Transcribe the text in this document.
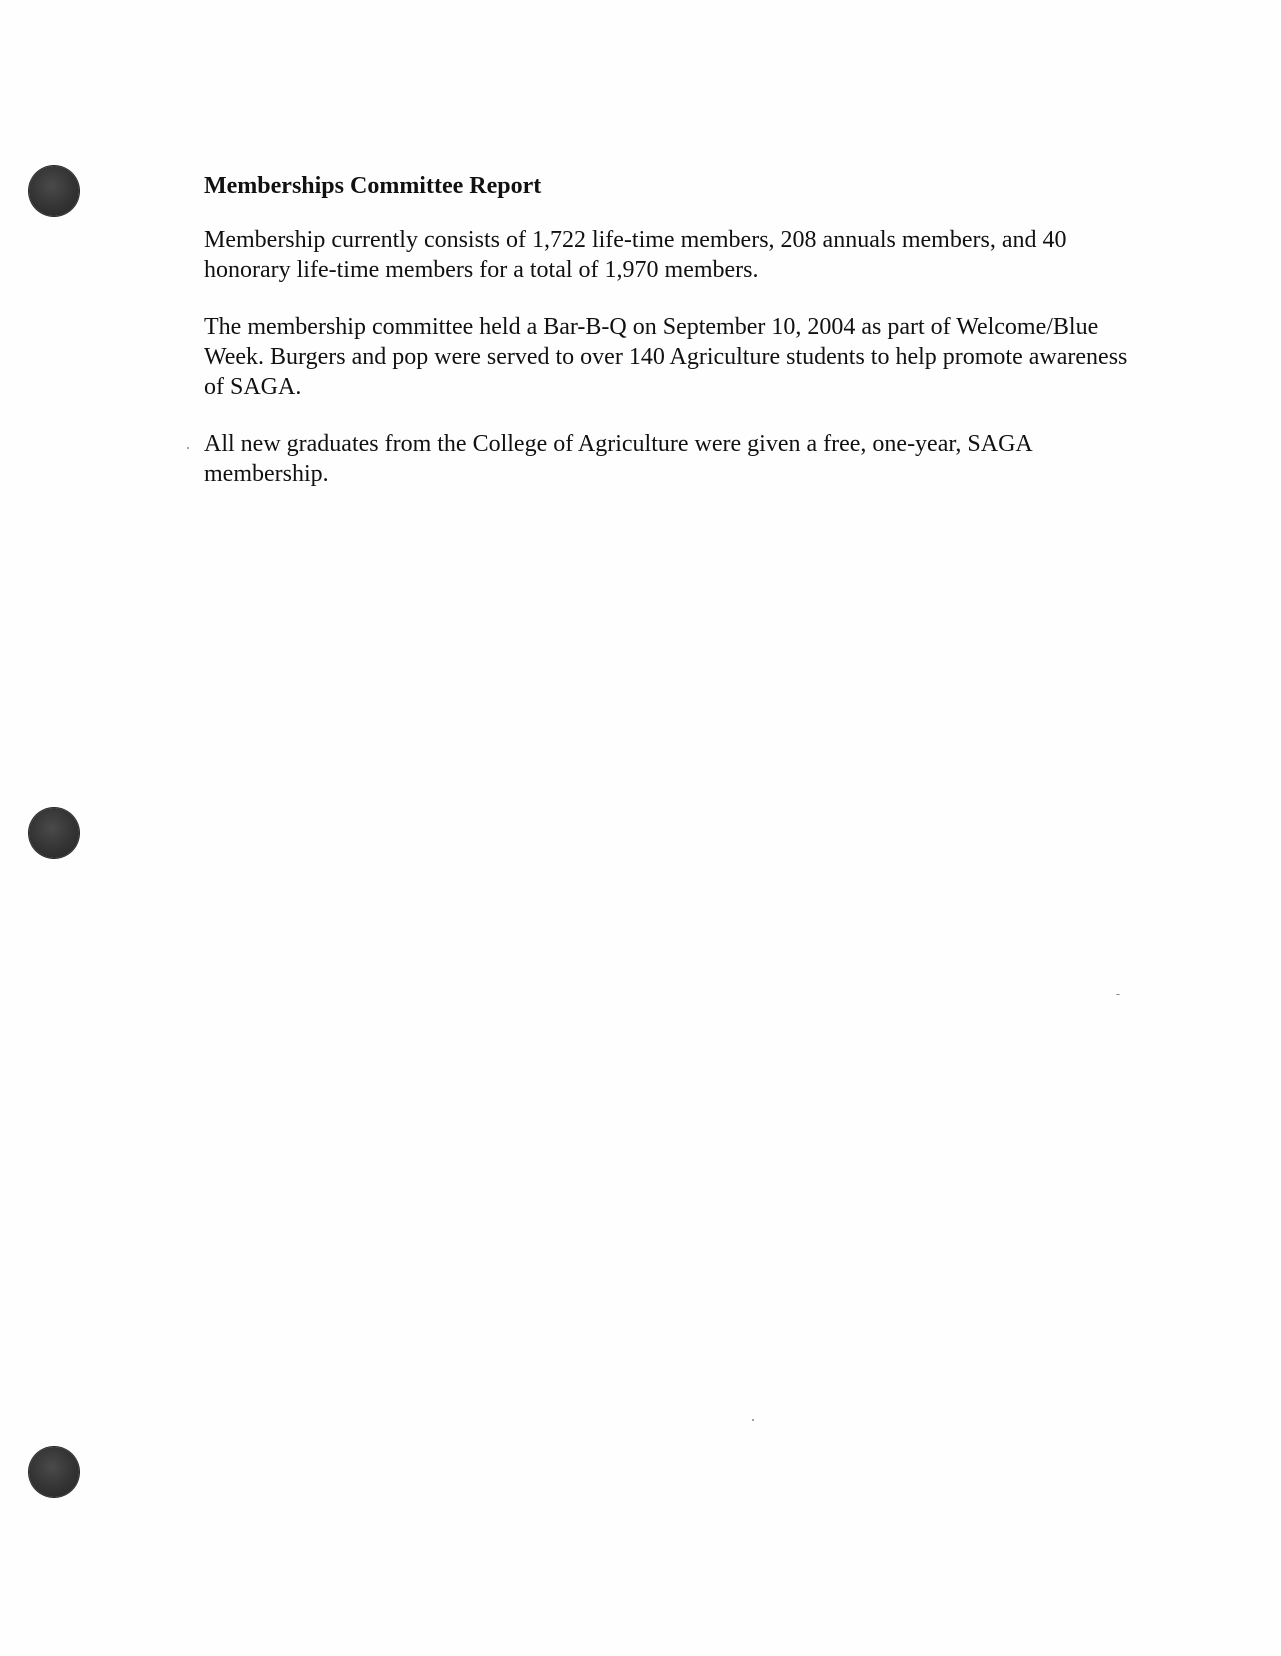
Memberships Committee Report

Membership currently consists of 1,722 life-time members, 208 annuals members, and 40 honorary life-time members for a total of 1,970 members.

The membership committee held a Bar-B-Q on September 10, 2004 as part of Welcome/Blue Week. Burgers and pop were served to over 140 Agriculture students to help promote awareness of SAGA.

All new graduates from the College of Agriculture were given a free, one-year, SAGA membership.
